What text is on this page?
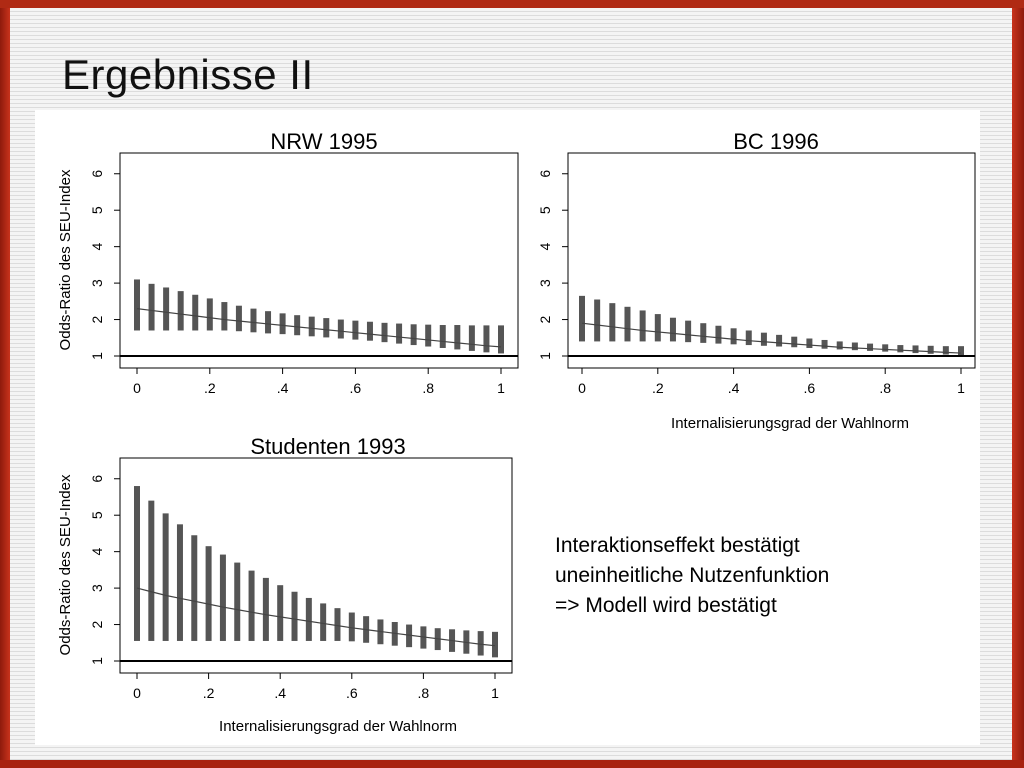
Ergebnisse II
NRW 1995
1
2
3
4
5
6
0	.2	.4	.6	.8	1
Odds-Ratio des SEU-Index
BC 1996
1
2
3
4
5
6
0	.2	.4	.6	.8	1
Internalisierungsgrad der Wahlnorm
Studenten 1993
1
2
3
4
5
6
0	.2	.4	.6	.8	1
Odds-Ratio des SEU-Index
Internalisierungsgrad der Wahlnorm
Interaktionseffekt bestätigt
uneinheitliche Nutzenfunktion
=> Modell wird bestätigt
